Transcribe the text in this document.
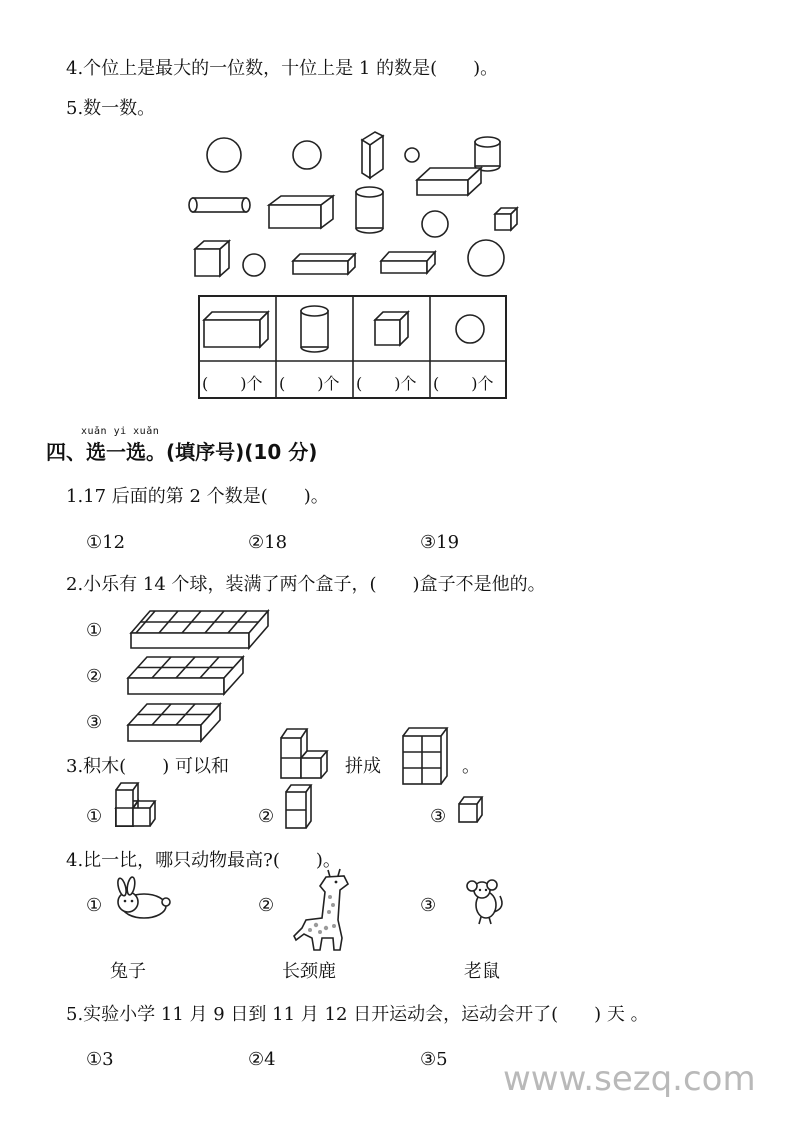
4.个位上是最大的一位数，十位上是 1 的数是(　　)。
5.数一数。
(　　)个 (　　)个 (　　)个 (　　)个
xuǎn yi xuǎn
四、选一选。(填序号)(10 分)
1.17 后面的第 2 个数是(　　)。
①12	②18	③19
2.小乐有 14 个球，装满了两个盒子，(　　)盒子不是他的。
①
②
③
3.积木(　　) 可以和	拼成	。
①	②	③
4.比一比，哪只动物最高?(　　)。
①	②	③
兔子	长颈鹿	老鼠
5.实验小学 11 月 9 日到 11 月 12 日开运动会，运动会开了(　　) 天 。
①3	②4	③5 www.sezq.com
